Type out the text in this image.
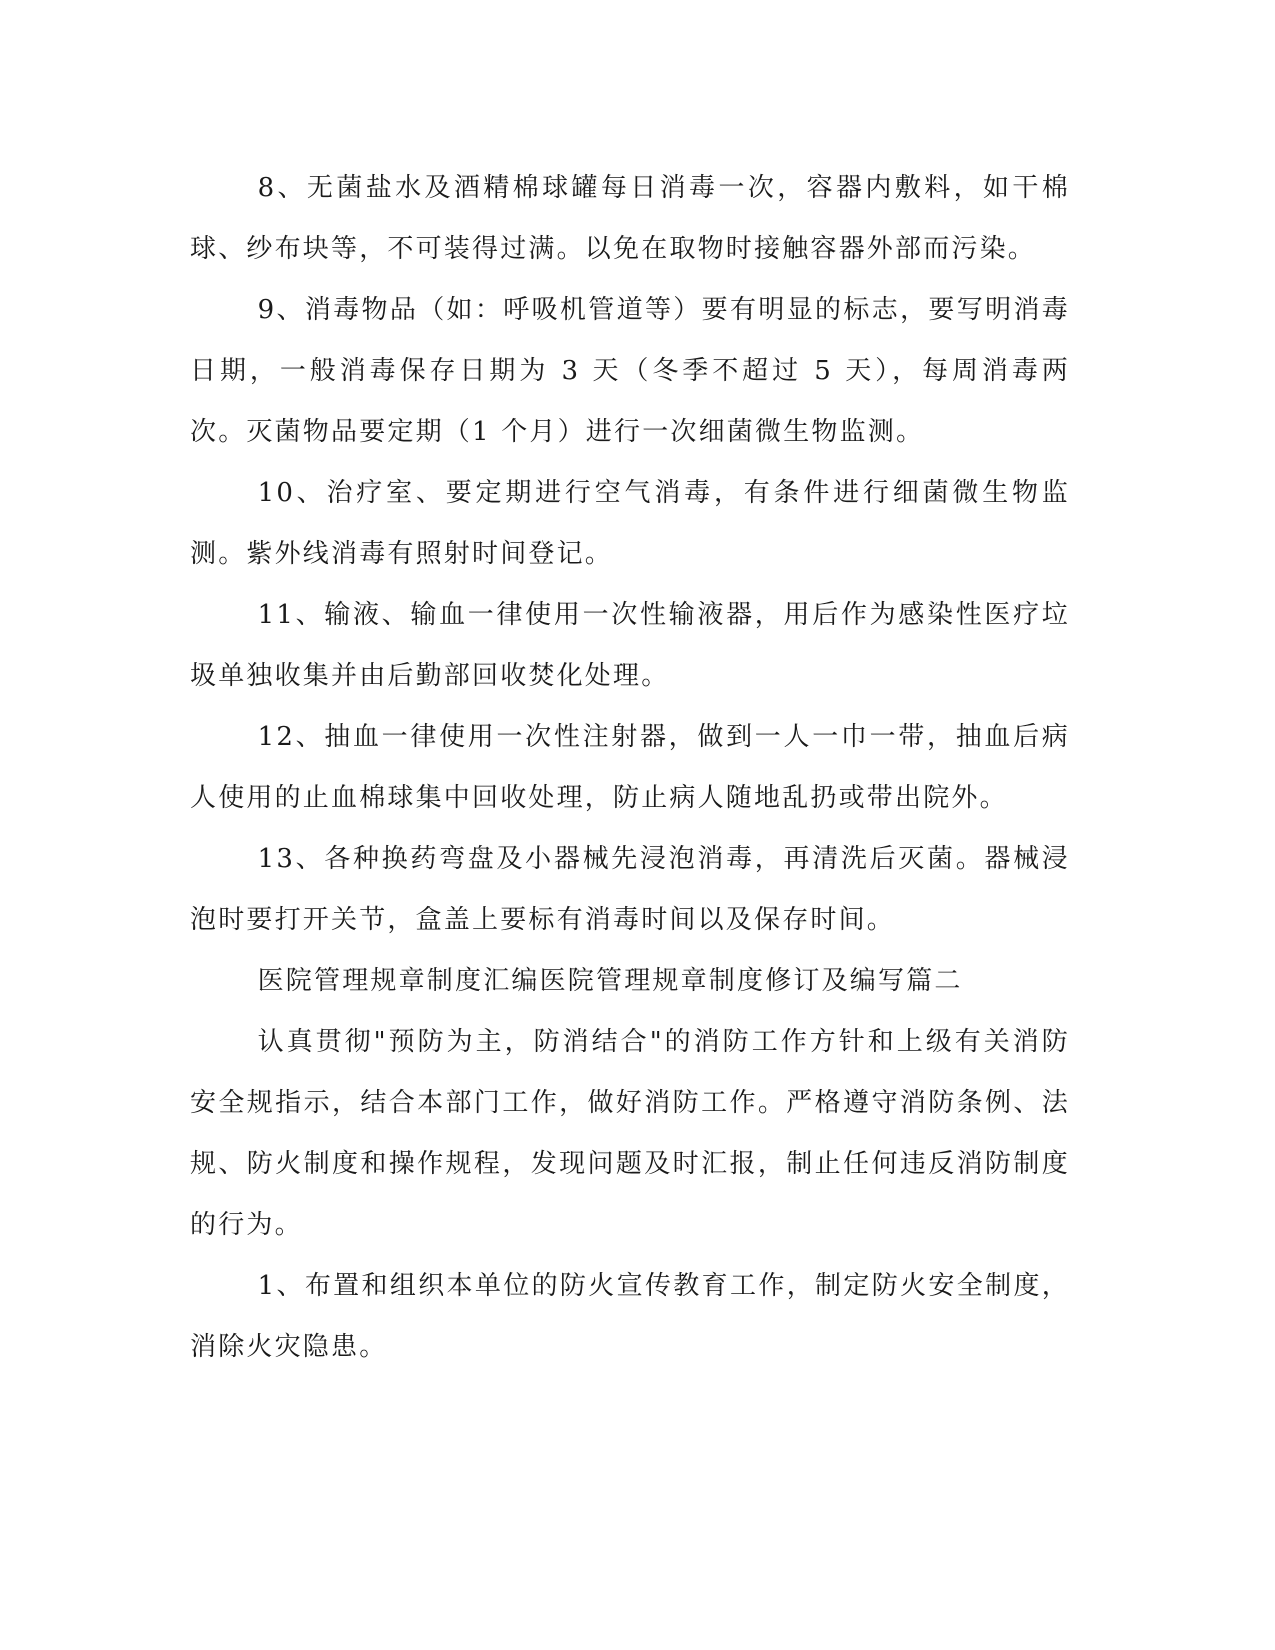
8、无菌盐水及酒精棉球罐每日消毒一次，容器内敷料，如干棉球、纱布块等，不可装得过满。以免在取物时接触容器外部而污染。

9、消毒物品（如：呼吸机管道等）要有明显的标志，要写明消毒日期，一般消毒保存日期为 3 天（冬季不超过 5 天），每周消毒两次。灭菌物品要定期（1 个月）进行一次细菌微生物监测。

10、治疗室、要定期进行空气消毒，有条件进行细菌微生物监测。紫外线消毒有照射时间登记。

11、输液、输血一律使用一次性输液器，用后作为感染性医疗垃圾单独收集并由后勤部回收焚化处理。

12、抽血一律使用一次性注射器，做到一人一巾一带，抽血后病人使用的止血棉球集中回收处理，防止病人随地乱扔或带出院外。

13、各种换药弯盘及小器械先浸泡消毒，再清洗后灭菌。器械浸泡时要打开关节，盒盖上要标有消毒时间以及保存时间。

医院管理规章制度汇编医院管理规章制度修订及编写篇二

认真贯彻"预防为主，防消结合"的消防工作方针和上级有关消防安全规指示，结合本部门工作，做好消防工作。严格遵守消防条例、法规、防火制度和操作规程，发现问题及时汇报，制止任何违反消防制度的行为。

1、布置和组织本单位的防火宣传教育工作，制定防火安全制度，消除火灾隐患。
